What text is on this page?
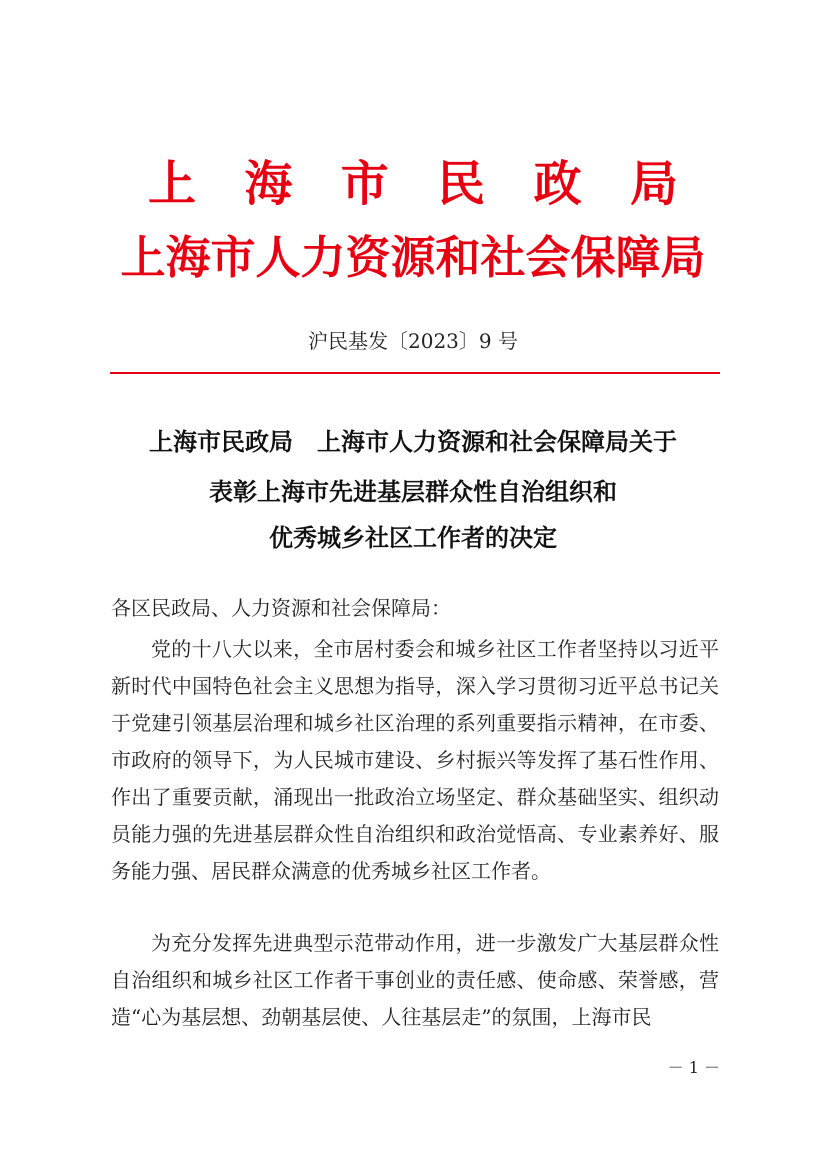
上 海 市 民 政 局
上海市人力资源和社会保障局
沪民基发〔2023〕9 号
上海市民政局　上海市人力资源和社会保障局关于
表彰上海市先进基层群众性自治组织和
优秀城乡社区工作者的决定
各区民政局、人力资源和社会保障局：

党的十八大以来，全市居村委会和城乡社区工作者坚持以习近平新时代中国特色社会主义思想为指导，深入学习贯彻习近平总书记关于党建引领基层治理和城乡社区治理的系列重要指示精神，在市委、市政府的领导下，为人民城市建设、乡村振兴等发挥了基石性作用、作出了重要贡献，涌现出一批政治立场坚定、群众基础坚实、组织动员能力强的先进基层群众性自治组织和政治觉悟高、专业素养好、服务能力强、居民群众满意的优秀城乡社区工作者。

为充分发挥先进典型示范带动作用，进一步激发广大基层群众性自治组织和城乡社区工作者干事创业的责任感、使命感、荣誉感，营造“心为基层想、劲朝基层使、人往基层走”的氛围，上海市民

－ 1 －
